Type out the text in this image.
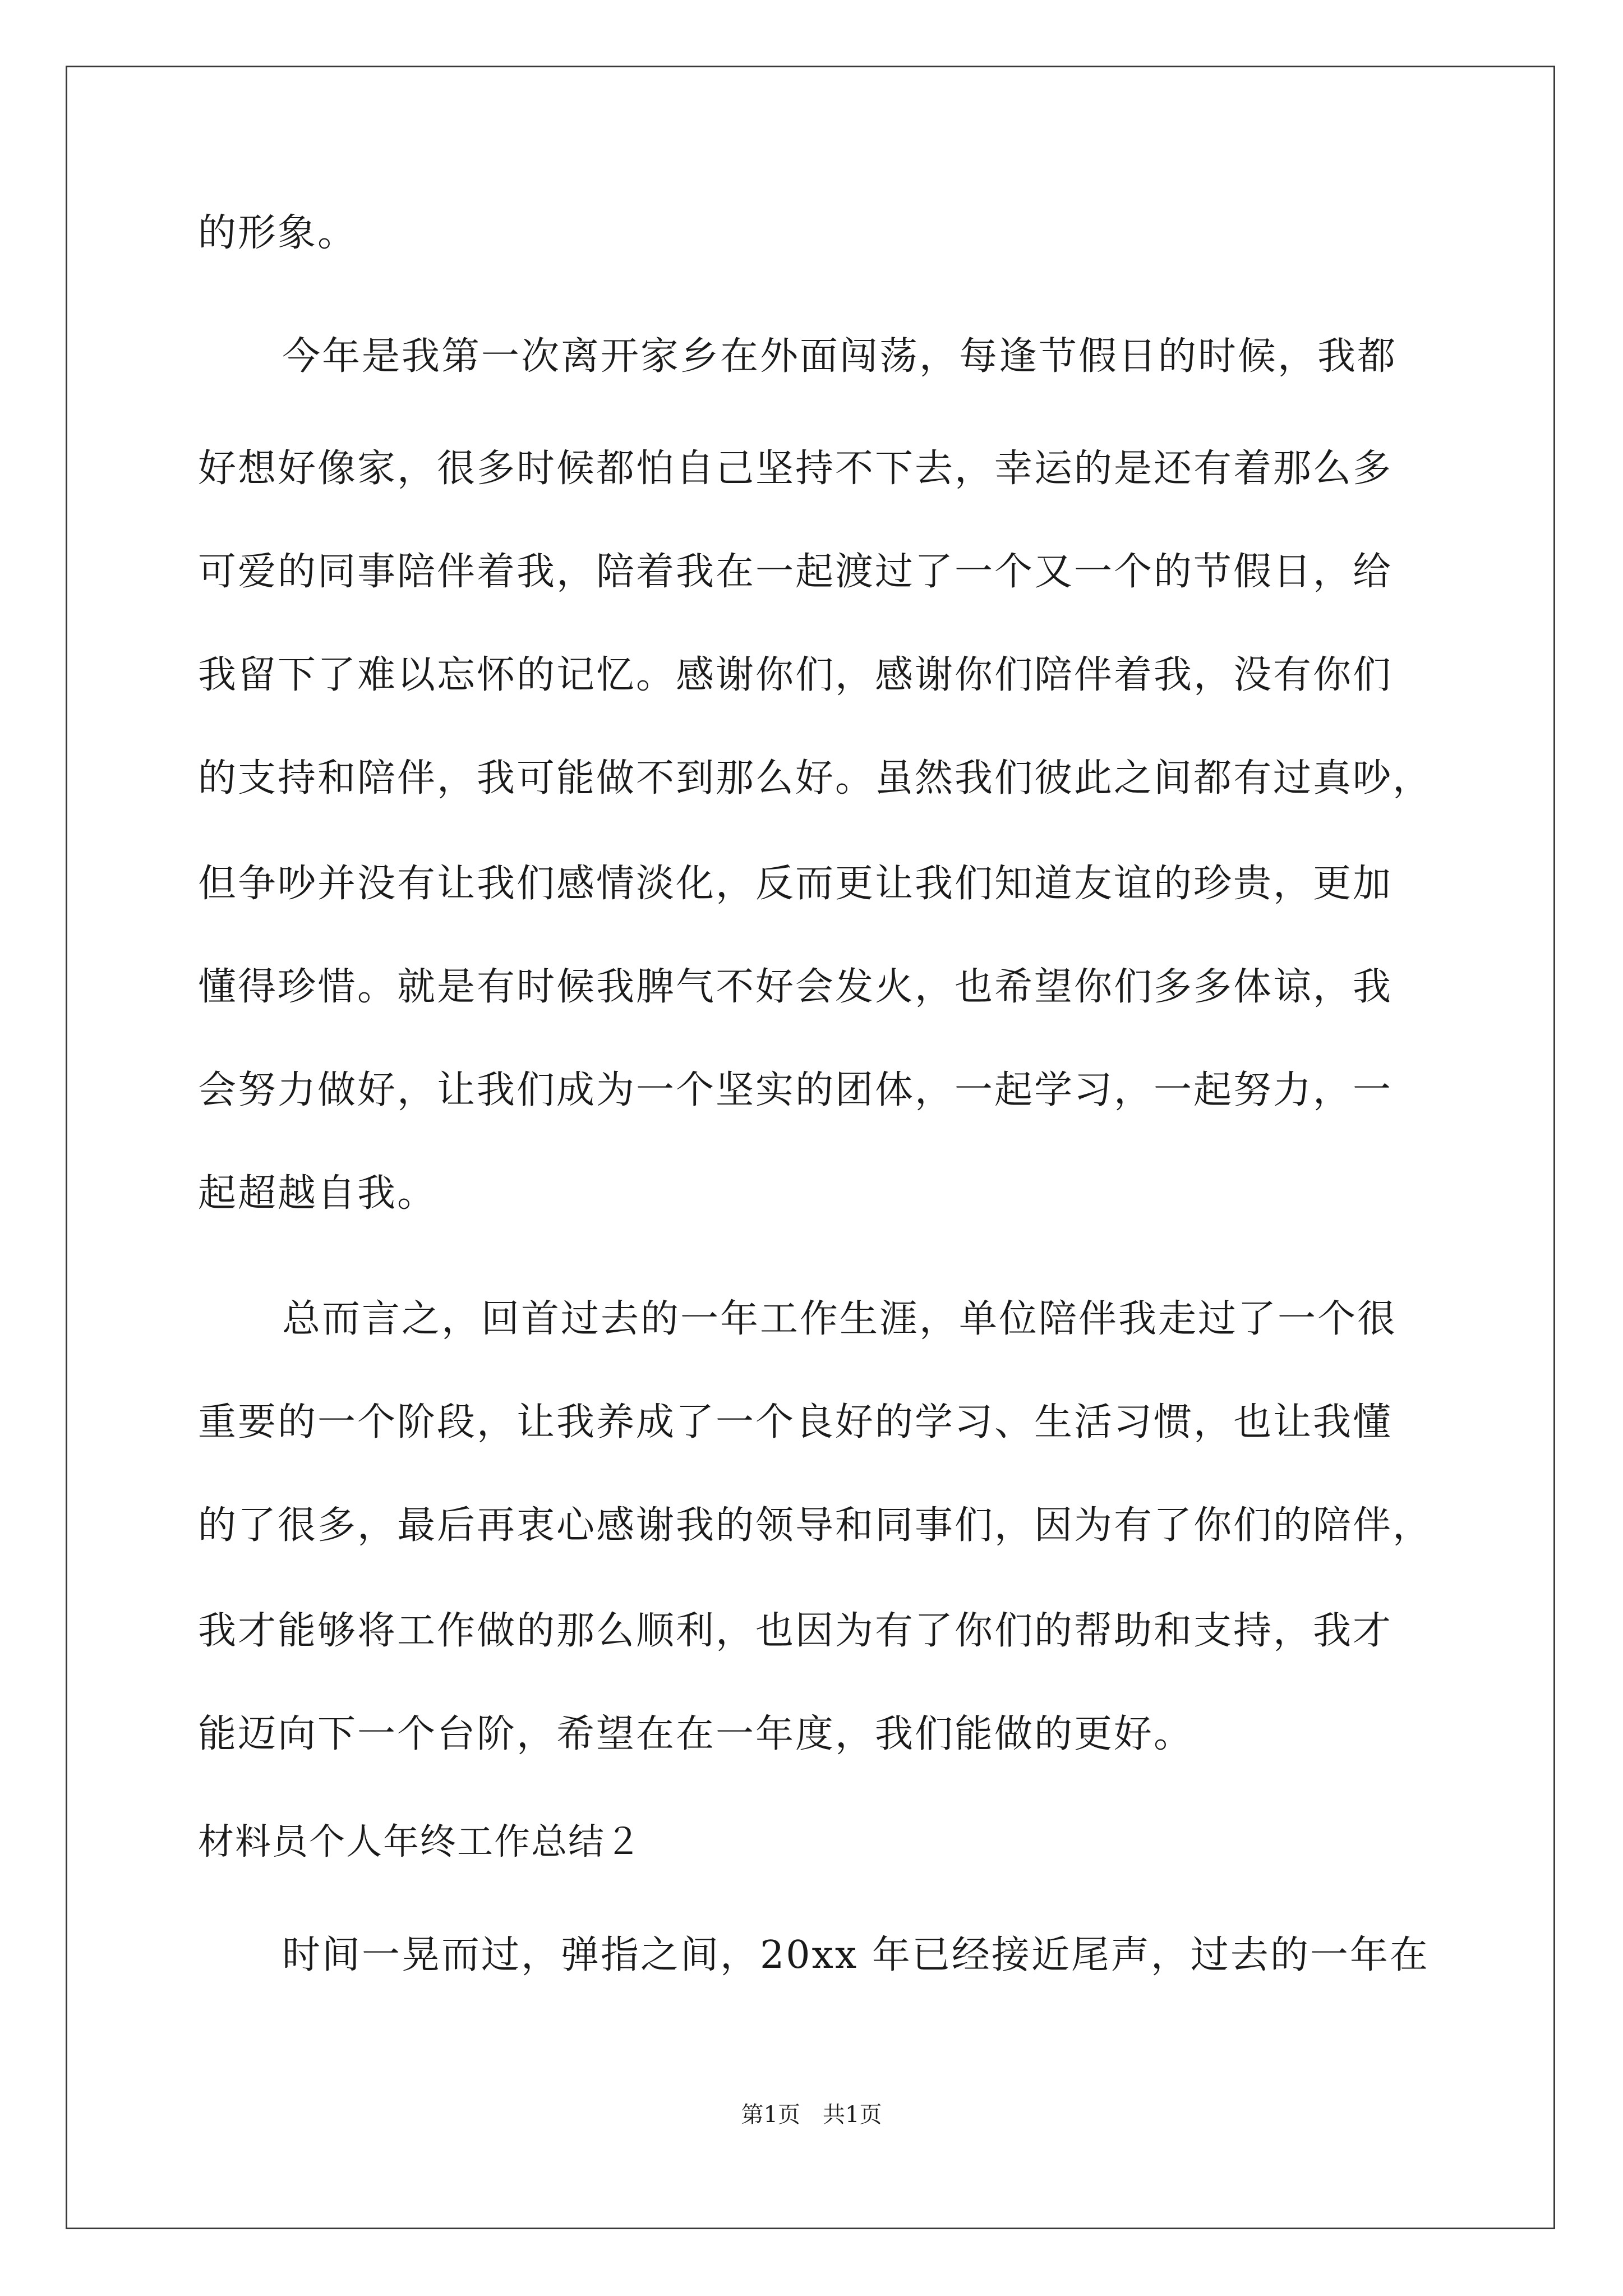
的形象。
今年是我第一次离开家乡在外面闯荡，每逢节假日的时候，我都
好想好像家，很多时候都怕自己坚持不下去，幸运的是还有着那么多
可爱的同事陪伴着我，陪着我在一起渡过了一个又一个的节假日，给
我留下了难以忘怀的记忆。感谢你们，感谢你们陪伴着我，没有你们
的支持和陪伴，我可能做不到那么好。虽然我们彼此之间都有过真吵，
但争吵并没有让我们感情淡化，反而更让我们知道友谊的珍贵，更加
懂得珍惜。就是有时候我脾气不好会发火，也希望你们多多体谅，我
会努力做好，让我们成为一个坚实的团体，一起学习，一起努力，一
起超越自我。
总而言之，回首过去的一年工作生涯，单位陪伴我走过了一个很
重要的一个阶段，让我养成了一个良好的学习、生活习惯，也让我懂
的了很多，最后再衷心感谢我的领导和同事们，因为有了你们的陪伴，
我才能够将工作做的那么顺利，也因为有了你们的帮助和支持，我才
能迈向下一个台阶，希望在在一年度，我们能做的更好。
材料员个人年终工作总结２
时间一晃而过，弹指之间，20xx 年已经接近尾声，过去的一年在
第1页　共1页
